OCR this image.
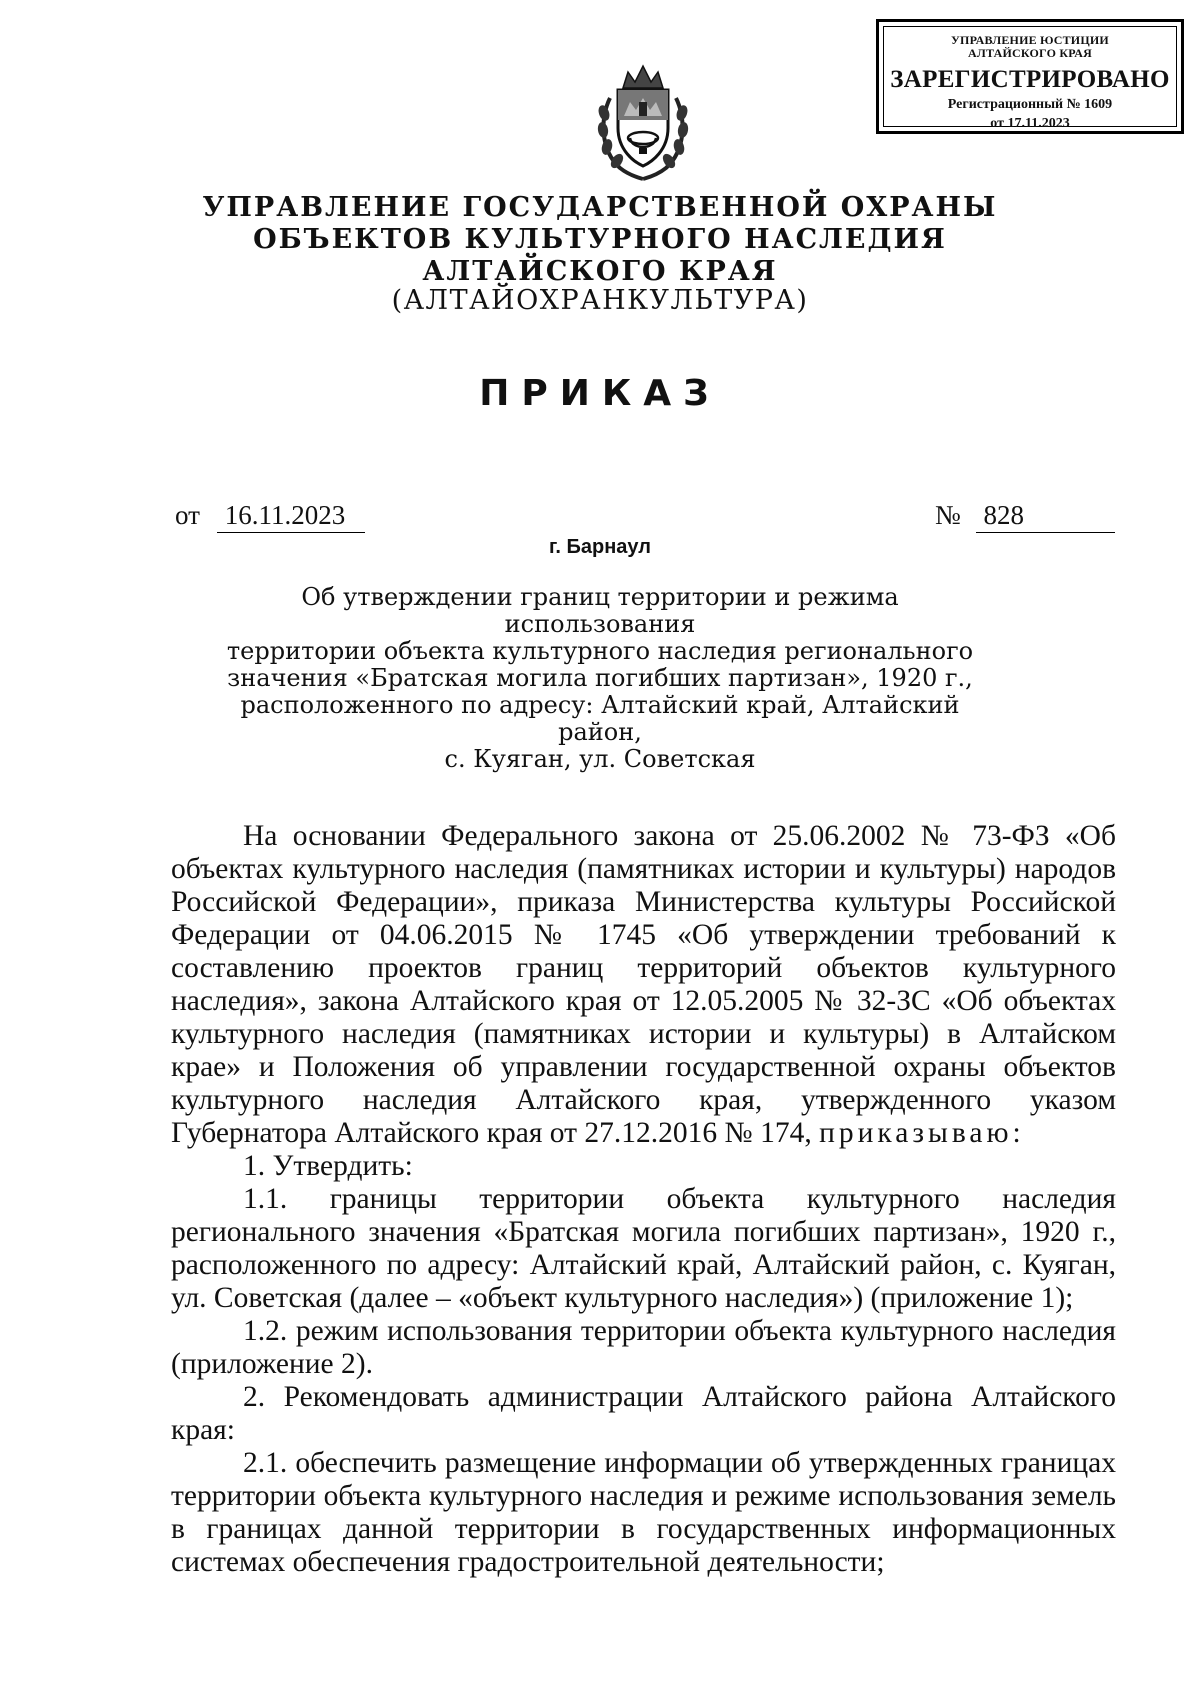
УПРАВЛЕНИЕ ЮСТИЦИИ
АЛТАЙСКОГО КРАЯ
ЗАРЕГИСТРИРОВАНО
Регистрационный № 1609
от 17.11.2023
УПРАВЛЕНИЕ ГОСУДАРСТВЕННОЙ ОХРАНЫ
ОБЪЕКТОВ КУЛЬТУРНОГО НАСЛЕДИЯ
АЛТАЙСКОГО КРАЯ
(АЛТАЙОХРАНКУЛЬТУРА)
ПРИКАЗ
от 16.11.2023	№ 828
г. Барнаул
Об утверждении границ территории и режима использования
территории объекта культурного наследия регионального
значения «Братская могила погибших партизан», 1920 г.,
расположенного по адресу: Алтайский край, Алтайский район,
с. Куяган, ул. Советская

На основании Федерального закона от 25.06.2002 № 73-ФЗ «Об объектах культурного наследия (памятниках истории и культуры) народов Российской Федерации», приказа Министерства культуры Российской Федерации от 04.06.2015 № 1745 «Об утверждении требований к составлению проектов границ территорий объектов культурного наследия», закона Алтайского края от 12.05.2005 № 32-ЗС «Об объектах культурного наследия (памятниках истории и культуры) в Алтайском крае» и Положения об управлении государственной охраны объектов культурного наследия Алтайского края, утвержденного указом Губернатора Алтайского края от 27.12.2016 № 174, приказываю:

1. Утвердить:

1.1. границы территории объекта культурного наследия регионального значения «Братская могила погибших партизан», 1920 г., расположенного по адресу: Алтайский край, Алтайский район, с. Куяган, ул. Советская (далее – «объект культурного наследия») (приложение 1);

1.2. режим использования территории объекта культурного наследия (приложение 2).

2. Рекомендовать администрации Алтайского района Алтайского края:

2.1. обеспечить размещение информации об утвержденных границах территории объекта культурного наследия и режиме использования земель в границах данной территории в государственных информационных системах обеспечения градостроительной деятельности;
